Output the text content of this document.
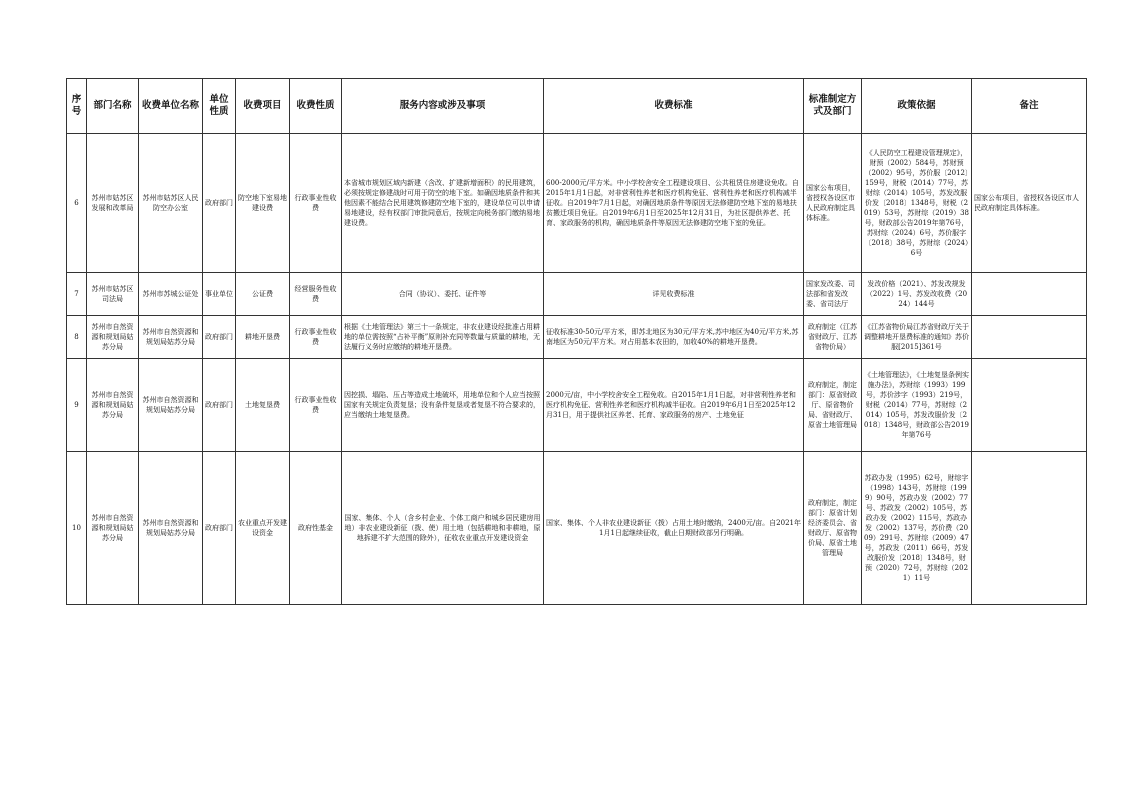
序号	部门名称	收费单位名称	单位性质	收费项目	收费性质	服务内容或涉及事项	收费标准	标准制定方式及部门	政策依据	备注
6	苏州市姑苏区发展和改革局	苏州市姑苏区人民防空办公室	政府部门	防空地下室易地建设费	行政事业性收费	本省城市规划区域内新建（含改、扩建新增面积）的民用建筑，必须按规定修建战时可用于防空的地下室。如确因地质条件和其他因素不能结合民用建筑修建防空地下室的，建设单位可以申请易地建设，经有权部门审批同意后，按规定向税务部门缴纳易地建设费。	600-2000元/平方米。中小学校舍安全工程建设项目、公共租赁住房建设免收。自2015年1月1日起，对非营利性养老和医疗机构免征、营利性养老和医疗机构减半征收。自2019年7月1日起，对确因地质条件等原因无法修建防空地下室的易地扶贫搬迁项目免征。自2019年6月1日至2025年12月31日，为社区提供养老、托育、家政服务的机构，确因地质条件等原因无法修建防空地下室的免征。	国家公布项目，省授权各设区市人民政府制定具体标准。	《人民防空工程建设管理规定》，财预（2002）584号，苏财预（2002）95号，苏价服〔2012〕159号，财税（2014）77号，苏财综（2014）105号，苏发改服价发〔2018〕1348号，财税（2019）53号，苏财综（2019）38号，财政部公告2019年第76号，苏财综（2024）6号，苏价服字〔2018〕38号，苏财综（2024）6号	国家公布项目，省授权各设区市人民政府制定具体标准。
7	苏州市姑苏区司法局	苏州市苏城公证处	事业单位	公证费	经营服务性收费	合同（协议）、委托、证件等	详见收费标准	国家发改委、司法部和省发改委、省司法厅	发改价格（2021）、苏发改规发（2022）1号、苏发改收费（2024）144号	
8	苏州市自然资源和规划局姑苏分局	苏州市自然资源和规划局姑苏分局	政府部门	耕地开垦费	行政事业性收费	根据《土地管理法》第三十一条规定，非农业建设经批准占用耕地的单位需按照“占补平衡”原则补充同等数量与质量的耕地，无法履行义务时应缴纳的耕地开垦费。	征收标准30-50元/平方米，即苏北地区为30元/平方米,苏中地区为40元/平方米,苏南地区为50元/平方米。对占用基本农田的，加收40%的耕地开垦费。	政府制定（江苏省财政厅、江苏省物价局）	《江苏省物价局江苏省财政厅关于调整耕地开垦费标准的通知》苏价服[2015]361号	
9	苏州市自然资源和规划局姑苏分局	苏州市自然资源和规划局姑苏分局	政府部门	土地复垦费	行政事业性收费	因挖损、塌陷、压占等造成土地破坏，用地单位和个人应当按照国家有关规定负责复垦；没有条件复垦或者复垦不符合要求的，应当缴纳土地复垦费。	2000元/亩，中小学校舍安全工程免收。自2015年1月1日起，对非营利性养老和医疗机构免征、营利性养老和医疗机构减半征收。自2019年6月1日至2025年12月31日，用于提供社区养老、托育、家政服务的房产、土地免征	政府制定，制定部门：原省财政厅、原省物价局、省财政厅、原省土地管理局	《土地管理法》，《土地复垦条例实施办法》，苏财综（1993）199号，苏价涉字（1993）219号，财税（2014）77号，苏财综（2014）105号，苏发改服价发〔2018〕1348号，财政部公告2019年第76号	
10	苏州市自然资源和规划局姑苏分局	苏州市自然资源和规划局姑苏分局	政府部门	农业重点开发建设资金	政府性基金	国家、集体、个人（含乡村企业、个体工商户和城乡居民建房用地）非农业建设新征（拨、使）用土地（包括耕地和非耕地，原地拆建不扩大范围的除外），征收农业重点开发建设资金	国家、集体、个人非农业建设新征（拨）占用土地时缴纳，2400元/亩。自2021年1月1日起继续征收，截止日期财政部另行明确。	政府制定，制定部门：原省计划经济委员会、省财政厅、原省物价局、原省土地管理局	苏政办发（1995）62号，财综字（1998）143号，苏财综（1999）90号，苏政办发（2002）77号、苏政发（2002）105号，苏政办发（2002）115号，苏政办发（2002）137号，苏价费（2009）291号、苏财综（2009）47号，苏政发（2011）66号，苏发改服价发〔2018〕1348号，财预（2020）72号，苏财综（2021）11号	
